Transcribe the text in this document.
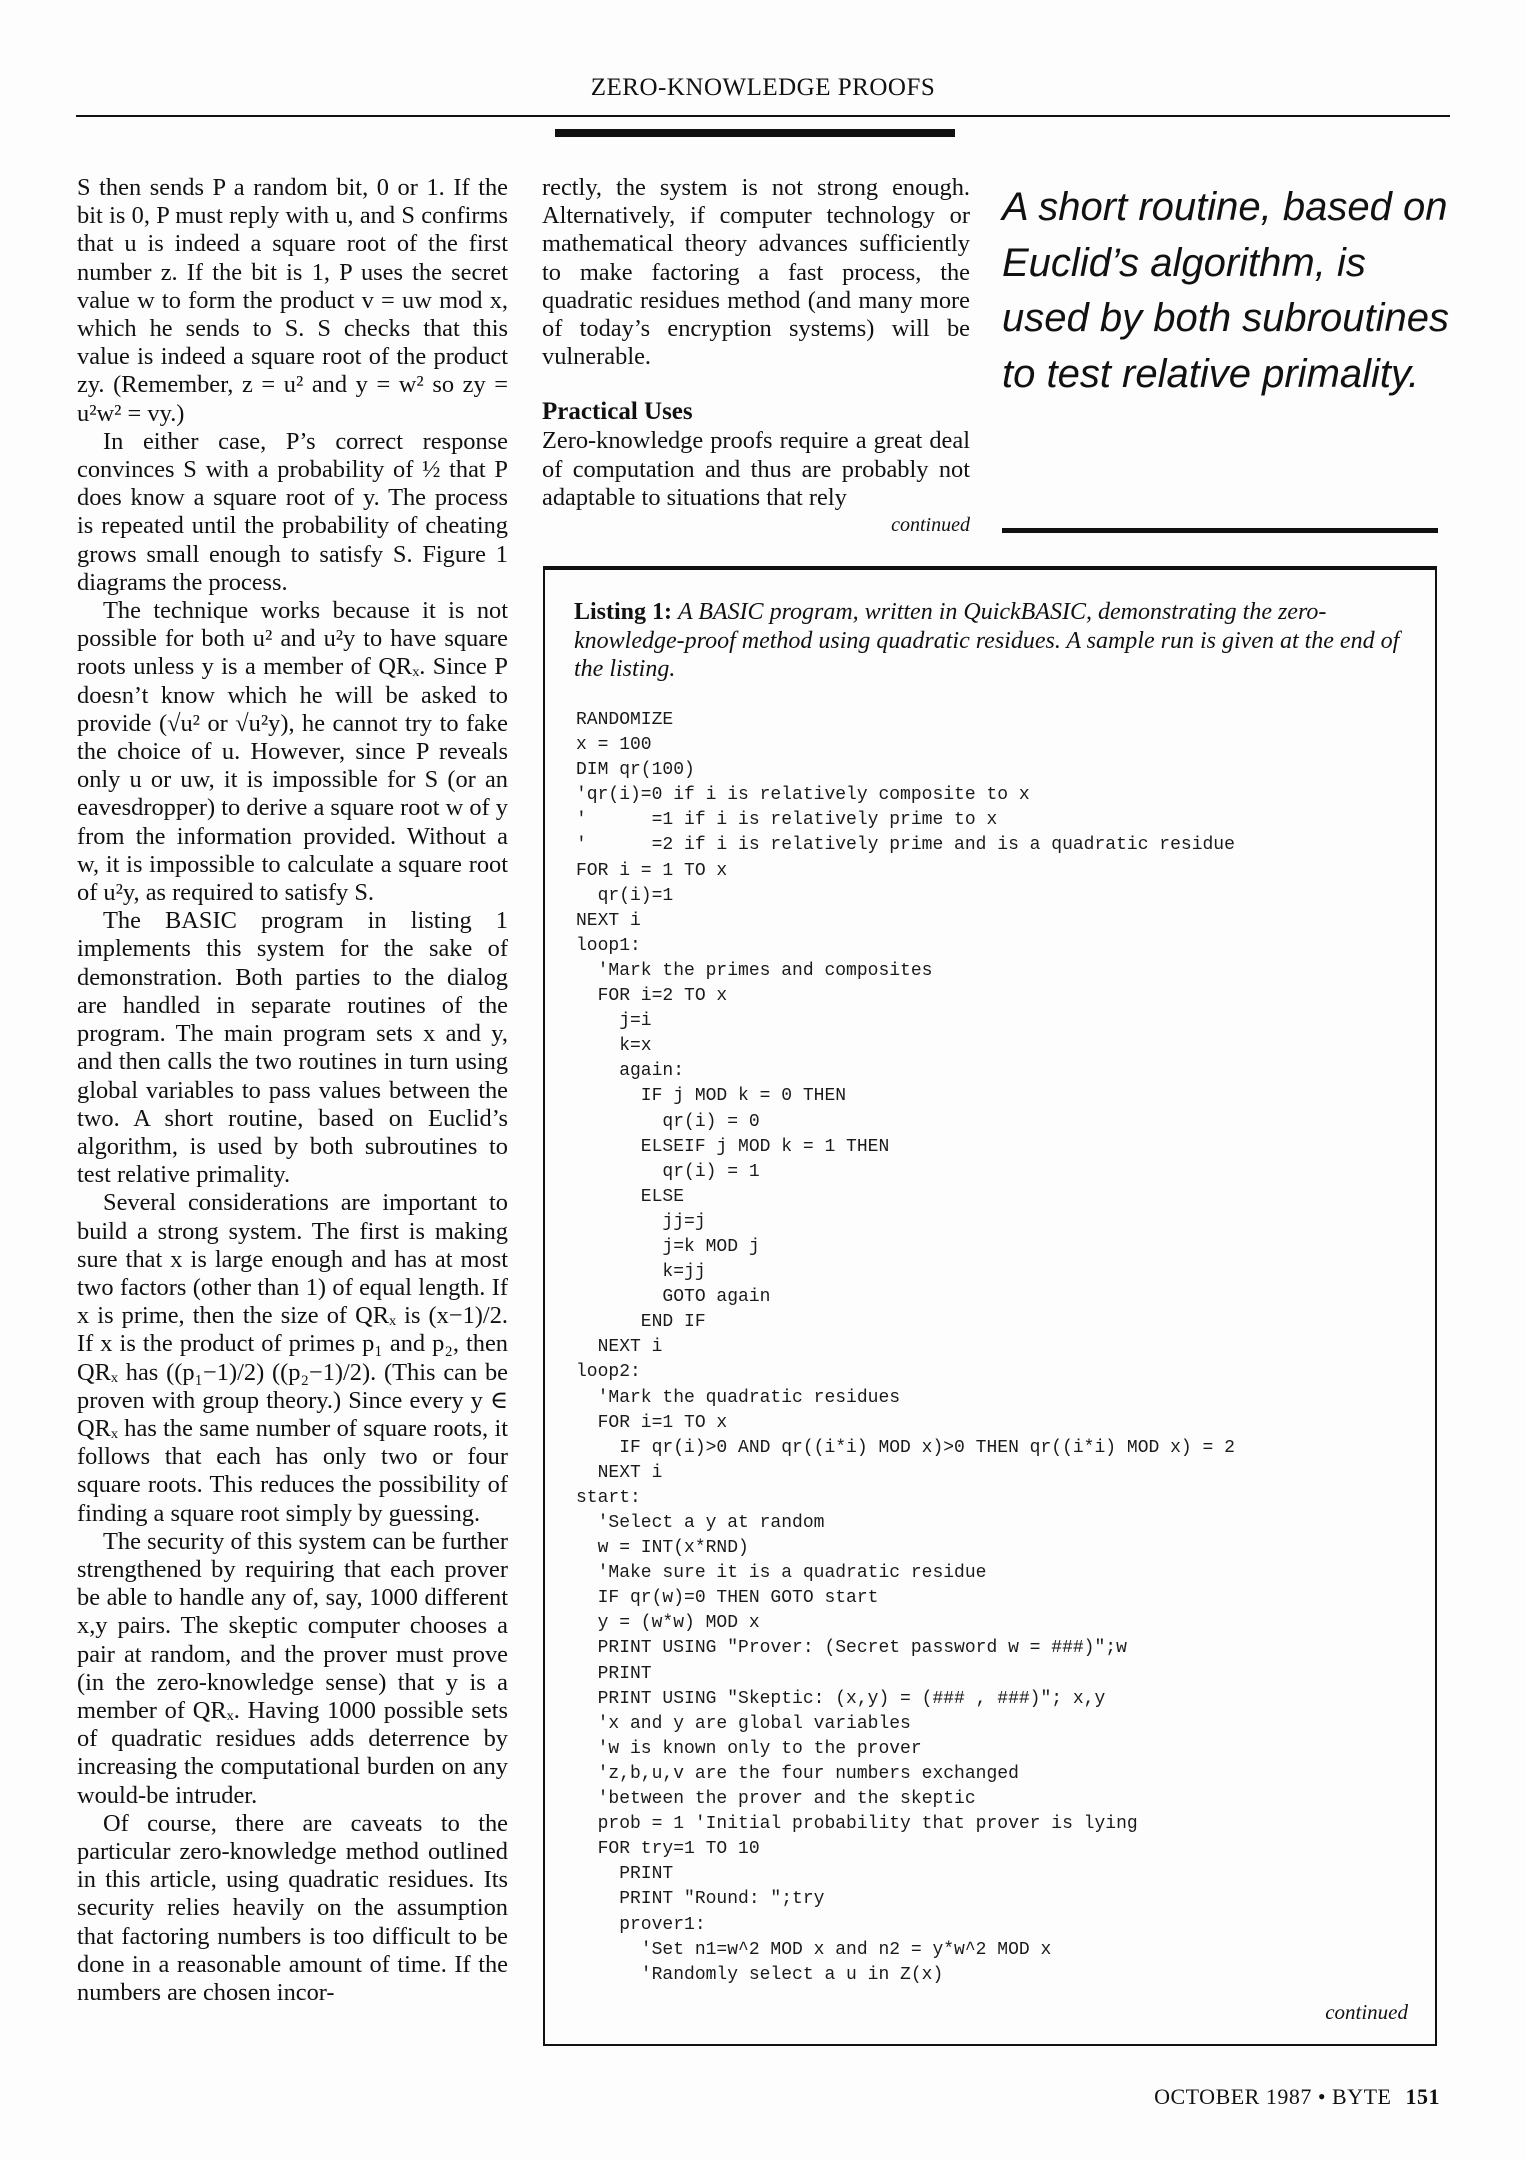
ZERO-KNOWLEDGE PROOFS

S then sends P a random bit, 0 or 1. If the bit is 0, P must reply with u, and S confirms that u is indeed a square root of the first number z. If the bit is 1, P uses the secret value w to form the product v = uw mod x, which he sends to S. S checks that this value is indeed a square root of the product zy. (Remember, z = u² and y = w² so zy = u²w² = vy.)

In either case, P’s correct response convinces S with a probability of ½ that P does know a square root of y. The process is repeated until the probability of cheating grows small enough to satisfy S. Figure 1 diagrams the process.

The technique works because it is not possible for both u² and u²y to have square roots unless y is a member of QRₓ. Since P doesn’t know which he will be asked to provide (√u² or √u²y), he cannot try to fake the choice of u. However, since P reveals only u or uw, it is impossible for S (or an eavesdropper) to derive a square root w of y from the information provided. Without a w, it is impossible to calculate a square root of u²y, as required to satisfy S.

The BASIC program in listing 1 implements this system for the sake of demonstration. Both parties to the dialog are handled in separate routines of the program. The main program sets x and y, and then calls the two routines in turn using global variables to pass values between the two. A short routine, based on Euclid’s algorithm, is used by both subroutines to test relative primality.

Several considerations are important to build a strong system. The first is making sure that x is large enough and has at most two factors (other than 1) of equal length. If x is prime, then the size of QRₓ is (x−1)/2. If x is the product of primes p₁ and p₂, then QRₓ has ((p₁−1)/2) ((p₂−1)/2). (This can be proven with group theory.) Since every y ∈ QRₓ has the same number of square roots, it follows that each has only two or four square roots. This reduces the possibility of finding a square root simply by guessing.

The security of this system can be further strengthened by requiring that each prover be able to handle any of, say, 1000 different x,y pairs. The skeptic computer chooses a pair at random, and the prover must prove (in the zero-knowledge sense) that y is a member of QRₓ. Having 1000 possible sets of quadratic residues adds deterrence by increasing the computational burden on any would-be intruder.

Of course, there are caveats to the particular zero-knowledge method outlined in this article, using quadratic residues. Its security relies heavily on the assumption that factoring numbers is too difficult to be done in a reasonable amount of time. If the numbers are chosen incor-

rectly, the system is not strong enough. Alternatively, if computer technology or mathematical theory advances sufficiently to make factoring a fast process, the quadratic residues method (and many more of today’s encryption systems) will be vulnerable.

Practical Uses

Zero-knowledge proofs require a great deal of computation and thus are probably not adaptable to situations that rely

continued
A short routine, based on Euclid’s algorithm, is used by both subroutines to test relative primality.
Listing 1: A BASIC program, written in QuickBASIC, demonstrating the zero-knowledge-proof method using quadratic residues. A sample run is given at the end of the listing.
RANDOMIZE
x = 100
DIM qr(100)
'qr(i)=0 if i is relatively composite to x
'      =1 if i is relatively prime to x
'      =2 if i is relatively prime and is a quadratic residue
FOR i = 1 TO x
qr(i)=1
NEXT i
loop1:
'Mark the primes and composites
FOR i=2 TO x
j=i
k=x
again:
IF j MOD k = 0 THEN
qr(i) = 0
ELSEIF j MOD k = 1 THEN
qr(i) = 1
ELSE
jj=j
j=k MOD j
k=jj
GOTO again
END IF
NEXT i
loop2:
'Mark the quadratic residues
FOR i=1 TO x
IF qr(i)>0 AND qr((i*i) MOD x)>0 THEN qr((i*i) MOD x) = 2
NEXT i
start:
'Select a y at random
w = INT(x*RND)
'Make sure it is a quadratic residue
IF qr(w)=0 THEN GOTO start
y = (w*w) MOD x
PRINT USING "Prover: (Secret password w = ###)";w
PRINT
PRINT USING "Skeptic: (x,y) = (### , ###)"; x,y
'x and y are global variables
'w is known only to the prover
'z,b,u,v are the four numbers exchanged
'between the prover and the skeptic
prob = 1 'Initial probability that prover is lying
FOR try=1 TO 10
PRINT
PRINT "Round: ";try
prover1:
'Set n1=w^2 MOD x and n2 = y*w^2 MOD x
'Randomly select a u in Z(x)
continued
OCTOBER 1987 • BYTE 151
